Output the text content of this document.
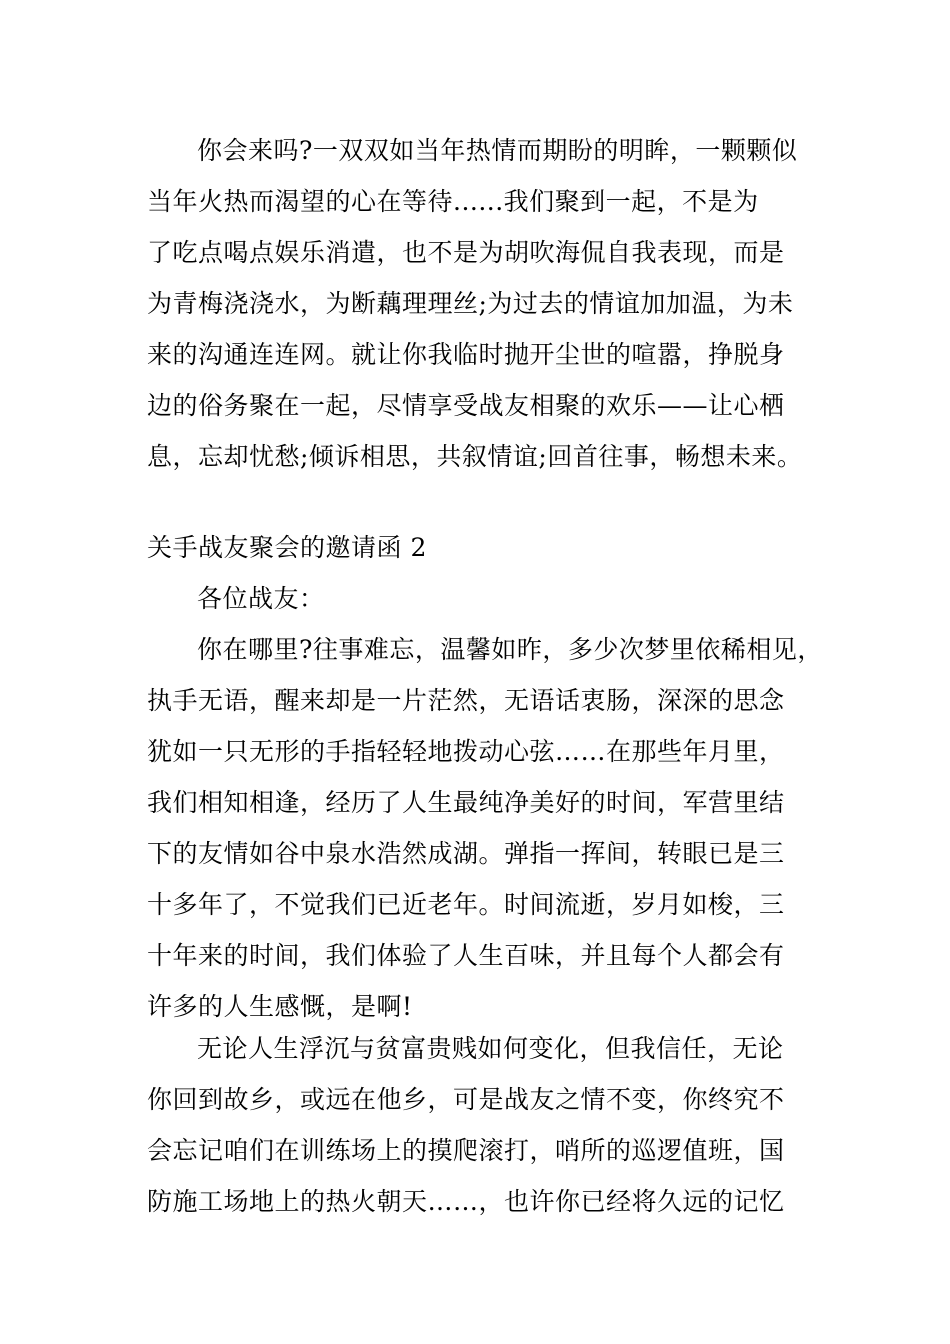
你会来吗?一双双如当年热情而期盼的明眸，一颗颗似
当年火热而渴望的心在等待......我们聚到一起，不是为
了吃点喝点娱乐消遣，也不是为胡吹海侃自我表现，而是
为青梅浇浇水，为断藕理理丝;为过去的情谊加加温，为未
来的沟通连连网。就让你我临时抛开尘世的喧嚣，挣脱身
边的俗务聚在一起，尽情享受战友相聚的欢乐——让心栖
息，忘却忧愁;倾诉相思，共叙情谊;回首往事，畅想未来。
关手战友聚会的邀请函 2
各位战友：
你在哪里?往事难忘，温馨如昨，多少次梦里依稀相见，
执手无语，醒来却是一片茫然，无语话衷肠，深深的思念
犹如一只无形的手指轻轻地拨动心弦……在那些年月里，
我们相知相逢，经历了人生最纯净美好的时间，军营里结
下的友情如谷中泉水浩然成湖。弹指一挥间，转眼已是三
十多年了，不觉我们已近老年。时间流逝，岁月如梭，三
十年来的时间，我们体验了人生百味，并且每个人都会有
许多的人生感慨，是啊!
无论人生浮沉与贫富贵贱如何变化，但我信任，无论
你回到故乡，或远在他乡，可是战友之情不变，你终究不
会忘记咱们在训练场上的摸爬滚打，哨所的巡逻值班，国
防施工场地上的热火朝天……，也许你已经将久远的记忆
